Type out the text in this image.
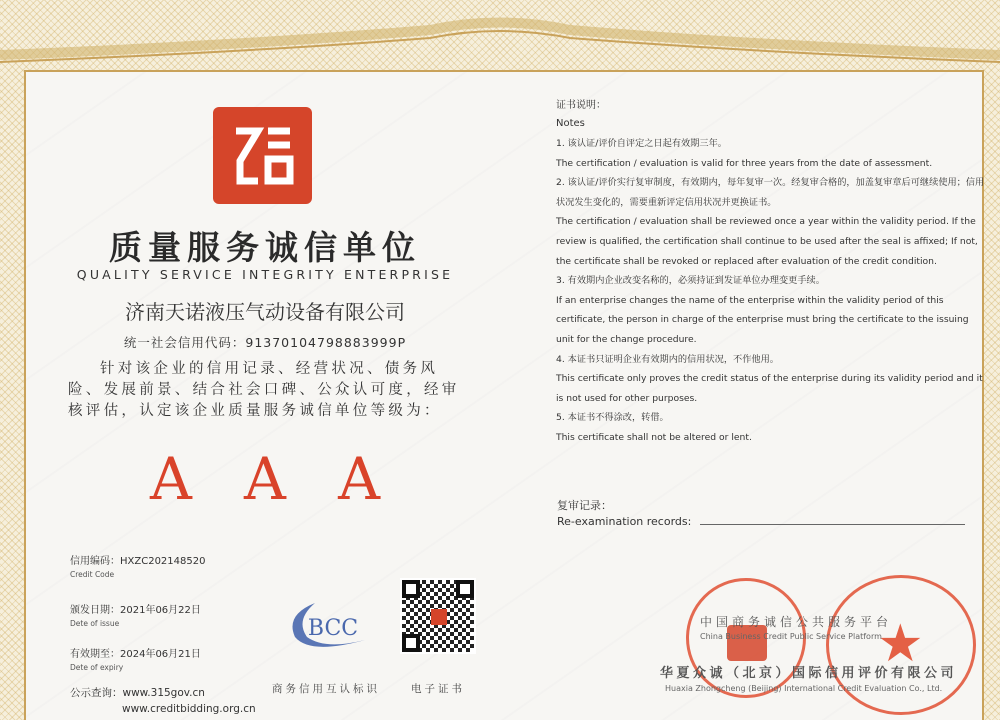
质量服务诚信单位
QUALITY SERVICE INTEGRITY ENTERPRISE
济南天诺液压气动设备有限公司
统一社会信用代码：91370104798883999P
针对该企业的信用记录、经营状况、债务风险、发展前景、结合社会口碑、公众认可度，经审核评估，认定该企业质量服务诚信单位等级为：
A A A
信用编码：HXZC202148520
Credit Code
颁发日期：2021年06月22日
Dete of issue
有效期至：2024年06月21日
Dete of expiry
公示查询：www.315gov.cn
www.creditbidding.org.cn
BCC
商务信用互认标识	电子证书
证书说明：
Notes
1. 该认证/评价自评定之日起有效期三年。
The certification / evaluation is valid for three years from the date of assessment.
2. 该认证/评价实行复审制度，有效期内，每年复审一次。经复审合格的，加盖复审章后可继续使用；信用状况发生变化的，需要重新评定信用状况并更换证书。
The certification / evaluation shall be reviewed once a year within the validity period. If the review is qualified, the certification shall continue to be used after the seal is affixed; If not, the certificate shall be revoked or replaced after evaluation of the credit condition.
3. 有效期内企业改变名称的，必须持证到发证单位办理变更手续。
If an enterprise changes the name of the enterprise within the validity period of this certificate, the person in charge of the enterprise must bring the certificate to the issuing unit for the change procedure.
4. 本证书只证明企业有效期内的信用状况，不作他用。
This certificate only proves the credit status of the enterprise during its validity period and it is not used for other purposes.
5. 本证书不得涂改，转借。
This certificate shall not be altered or lent.
复审记录：
Re-examination records:
★
中国商务诚信公共服务平台
China Business Credit Public Service Platform
华夏众诚（北京）国际信用评价有限公司
Huaxia Zhongcheng (Beijing) International Credit Evaluation Co., Ltd.
